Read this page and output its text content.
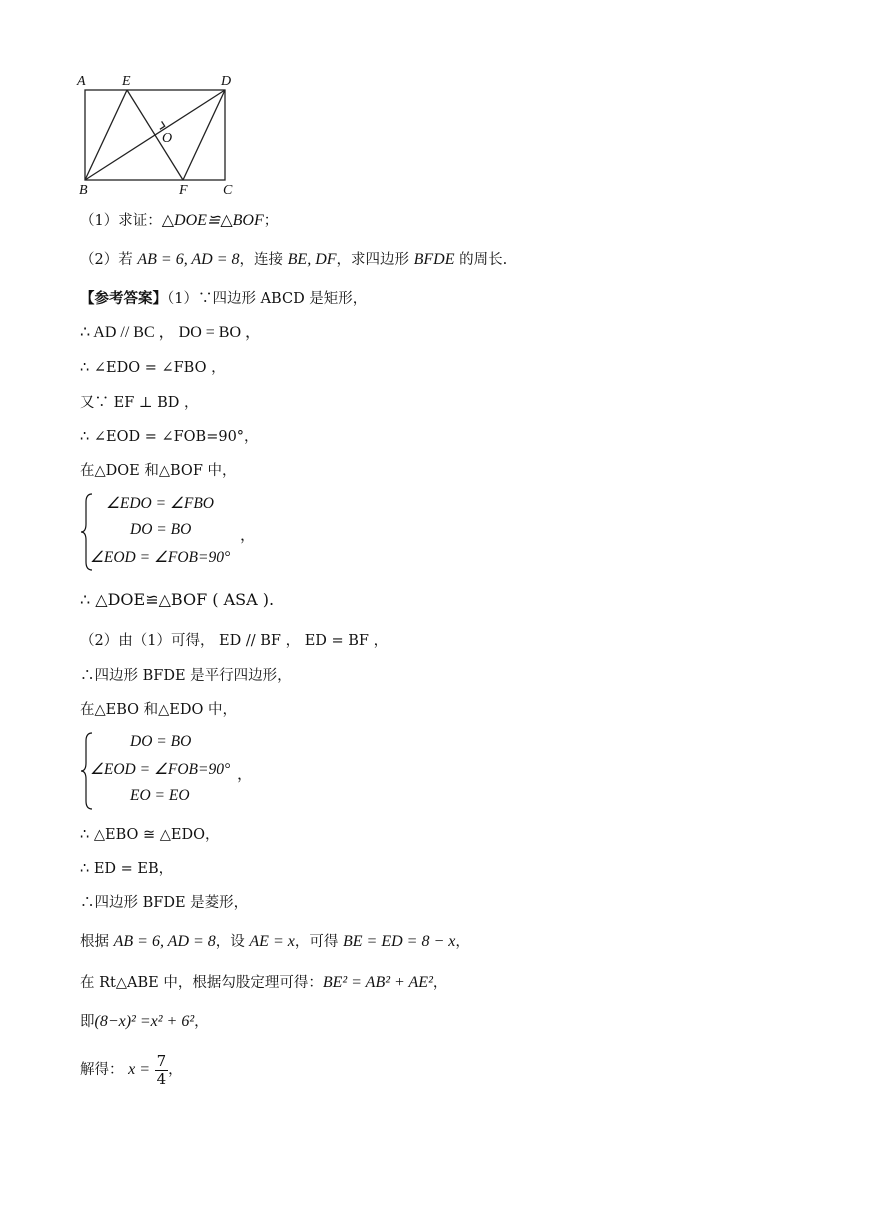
A	E	D
B	F	C
O
（1）求证：△DOE≌△BOF；
（2）若 AB = 6, AD = 8，连接 BE, DF，求四边形 BFDE 的周长.
【参考答案】（1）∵四边形 ABCD 是矩形，
∴ AD // BC ， DO = BO ，
∴ ∠EDO = ∠FBO ，
又∵ EF ⊥ BD ，
∴ ∠EOD = ∠FOB=90°，
在△DOE 和△BOF 中，
∠EDO = ∠FBO
DO = BO
∠EOD = ∠FOB=90°
，
∴ △DOE≌△BOF ( ASA ).
（2）由（1）可得， ED // BF ， ED = BF ，
∴四边形 BFDE 是平行四边形，
在△EBO 和△EDO 中，
DO = BO
∠EOD = ∠FOB=90°
EO = EO
，
∴ △EBO ≅ △EDO，
∴ ED = EB，
∴四边形 BFDE 是菱形，
根据 AB = 6, AD = 8，设 AE = x，可得 BE = ED = 8 − x，
在 Rt△ABE 中，根据勾股定理可得：BE² = AB² + AE²，
即(8−x)² =x² + 6²，
解得： $x = \frac{7}{4}$ ，
